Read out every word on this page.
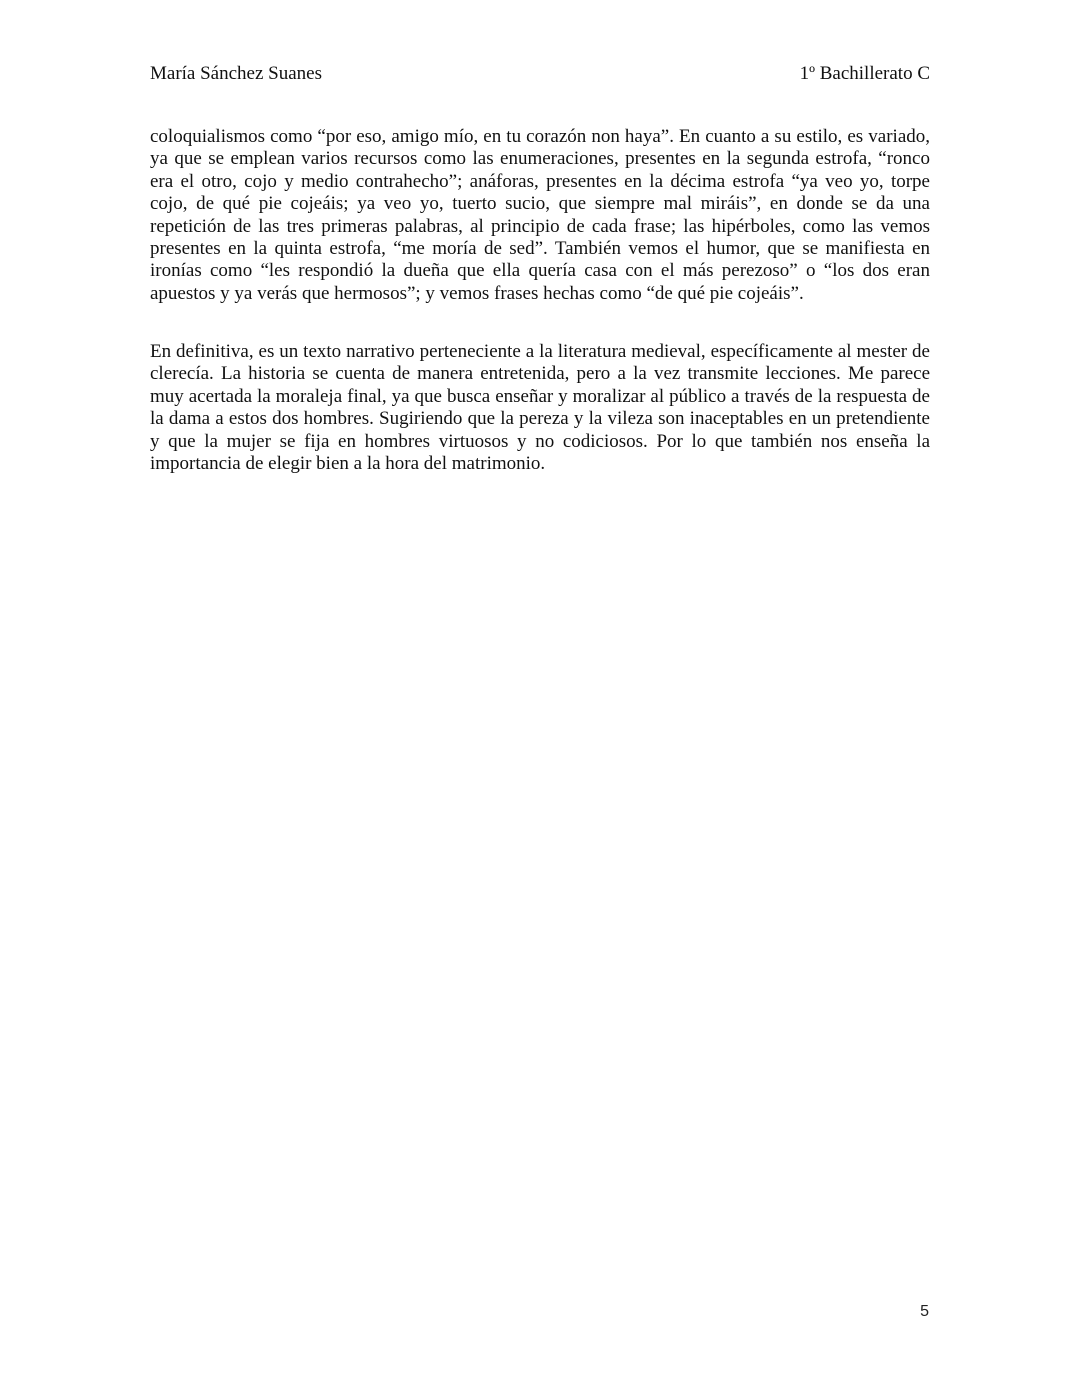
María Sánchez Suanes	1º Bachillerato C

coloquialismos como “por eso, amigo mío, en tu corazón non haya”. En cuanto a su estilo, es variado, ya que se emplean varios recursos como las enumeraciones, presentes en la segunda estrofa, “ronco era el otro, cojo y medio contrahecho”; anáforas, presentes en la décima estrofa “ya veo yo, torpe cojo, de qué pie cojeáis; ya veo yo, tuerto sucio, que siempre mal miráis”, en donde se da una repetición de las tres primeras palabras, al principio de cada frase; las hipérboles, como las vemos presentes en la quinta estrofa, “me moría de sed”. También vemos el humor, que se manifiesta en ironías como “les respondió la dueña que ella quería casa con el más perezoso” o “los dos eran apuestos y ya verás que hermosos”; y vemos frases hechas como “de qué pie cojeáis”.

En definitiva, es un texto narrativo perteneciente a la literatura medieval, específicamente al mester de clerecía. La historia se cuenta de manera entretenida, pero a la vez transmite lecciones. Me parece muy acertada la moraleja final, ya que busca enseñar y moralizar al público a través de la respuesta de la dama a estos dos hombres. Sugiriendo que la pereza y la vileza son inaceptables en un pretendiente y que la mujer se fija en hombres virtuosos y no codiciosos. Por lo que también nos enseña la importancia de elegir bien a la hora del matrimonio.

5
